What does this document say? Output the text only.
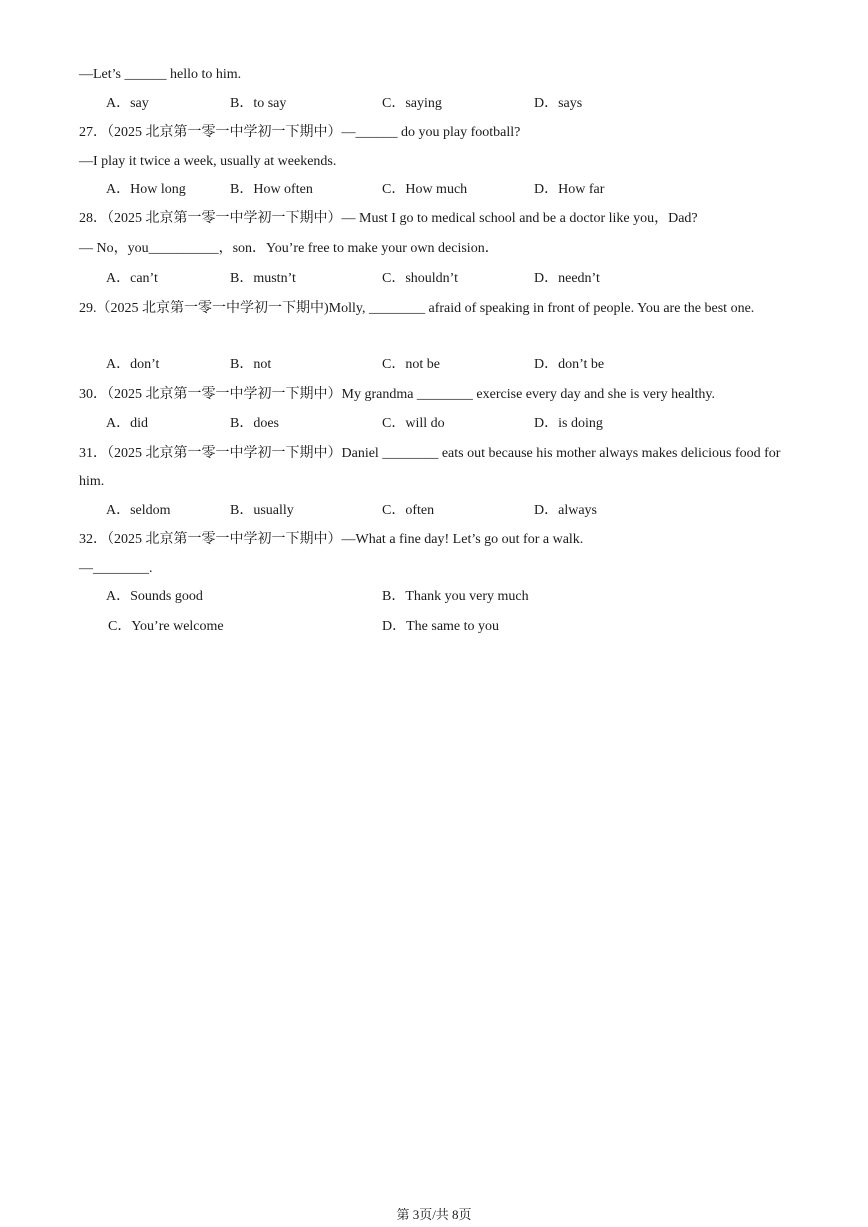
—Let’s ______ hello to him.
A．say	B．to say	C．saying	D．says
27．（2025 北京第一零一中学初一下期中）—______ do you play football?
—I play it twice a week, usually at weekends.
A．How long	B．How often	C．How much	D．How far
28．（2025 北京第一零一中学初一下期中）— Must I go to medical school and be a doctor like you，Dad?
— No，you__________，son．You’re free to make your own decision．
A．can’t	B．mustn’t	C．shouldn’t	D．needn’t
29.（2025 北京第一零一中学初一下期中)Molly, ________ afraid of speaking in front of people. You are the best one.
A．don’t	B．not	C．not be	D．don’t be
30．（2025 北京第一零一中学初一下期中）My grandma ________ exercise every day and she is very healthy.
A．did	B．does	C．will do	D．is doing
31．（2025 北京第一零一中学初一下期中）Daniel ________ eats out because his mother always makes delicious food for him.
A．seldom	B．usually	C．often	D．always
32．（2025 北京第一零一中学初一下期中）—What a fine day! Let’s go out for a walk.
—________.
A．Sounds good	B．Thank you very much
C．You’re welcome	D．The same to you
第 3页/共 8页
